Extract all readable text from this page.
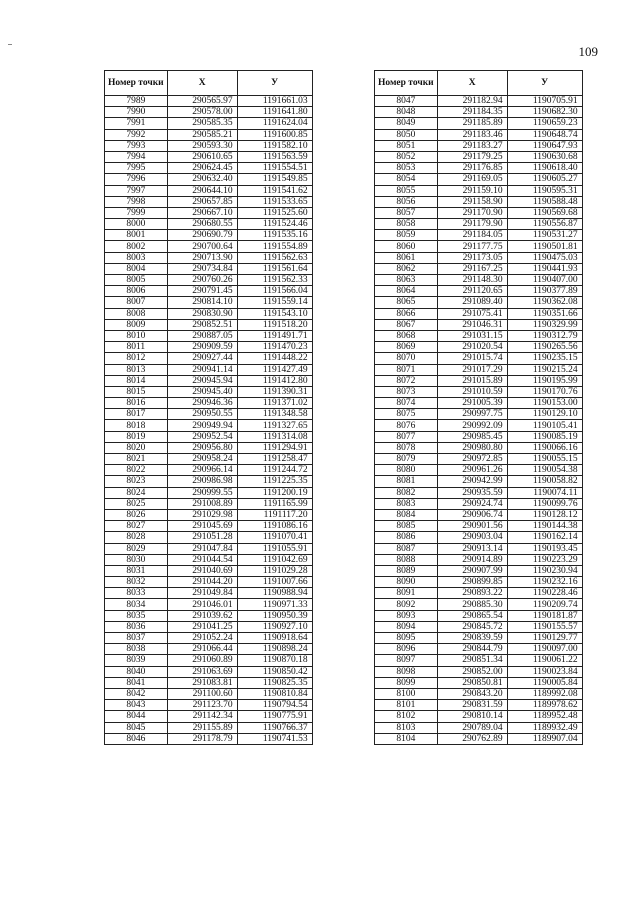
109
Номер точки	X	У
7989	290565.97	1191661.03
7990	290578.00	1191641.80
7991	290585.35	1191624.04
7992	290585.21	1191600.85
7993	290593.30	1191582.10
7994	290610.65	1191563.59
7995	290624.45	1191554.51
7996	290632.40	1191549.85
7997	290644.10	1191541.62
7998	290657.85	1191533.65
7999	290667.10	1191525.60
8000	290680.55	1191524.46
8001	290690.79	1191535.16
8002	290700.64	1191554.89
8003	290713.90	1191562.63
8004	290734.84	1191561.64
8005	290760.26	1191562.33
8006	290791.45	1191566.04
8007	290814.10	1191559.14
8008	290830.90	1191543.10
8009	290852.51	1191518.20
8010	290887.05	1191491.71
8011	290909.59	1191470.23
8012	290927.44	1191448.22
8013	290941.14	1191427.49
8014	290945.94	1191412.80
8015	290945.40	1191390.31
8016	290946.36	1191371.02
8017	290950.55	1191348.58
8018	290949.94	1191327.65
8019	290952.54	1191314.08
8020	290956.80	1191294.91
8021	290958.24	1191258.47
8022	290966.14	1191244.72
8023	290986.98	1191225.35
8024	290999.55	1191200.19
8025	291008.89	1191165.99
8026	291029.98	1191117.20
8027	291045.69	1191086.16
8028	291051.28	1191070.41
8029	291047.84	1191055.91
8030	291044.54	1191042.69
8031	291040.69	1191029.28
8032	291044.20	1191007.66
8033	291049.84	1190988.94
8034	291046.01	1190971.33
8035	291039.62	1190950.39
8036	291041.25	1190927.10
8037	291052.24	1190918.64
8038	291066.44	1190898.24
8039	291060.89	1190870.18
8040	291063.69	1190850.42
8041	291083.81	1190825.35
8042	291100.60	1190810.84
8043	291123.70	1190794.54
8044	291142.34	1190775.91
8045	291155.89	1190766.37
8046	291178.79	1190741.53
Номер точки	X	У
8047	291182.94	1190705.91
8048	291184.35	1190682.30
8049	291185.89	1190659.23
8050	291183.46	1190648.74
8051	291183.27	1190647.93
8052	291179.25	1190630.68
8053	291176.85	1190618.40
8054	291169.05	1190605.27
8055	291159.10	1190595.31
8056	291158.90	1190588.48
8057	291170.90	1190569.68
8058	291179.90	1190556.87
8059	291184.05	1190531.27
8060	291177.75	1190501.81
8061	291173.05	1190475.03
8062	291167.25	1190441.93
8063	291148.30	1190407.00
8064	291120.65	1190377.89
8065	291089.40	1190362.08
8066	291075.41	1190351.66
8067	291046.31	1190329.99
8068	291031.15	1190312.79
8069	291020.54	1190265.56
8070	291015.74	1190235.15
8071	291017.29	1190215.24
8072	291015.89	1190195.99
8073	291010.59	1190170.76
8074	291005.39	1190153.00
8075	290997.75	1190129.10
8076	290992.09	1190105.41
8077	290985.45	1190085.19
8078	290980.80	1190066.16
8079	290972.85	1190055.15
8080	290961.26	1190054.38
8081	290942.99	1190058.82
8082	290935.59	1190074.11
8083	290924.74	1190099.76
8084	290906.74	1190128.12
8085	290901.56	1190144.38
8086	290903.04	1190162.14
8087	290913.14	1190193.45
8088	290914.89	1190223.29
8089	290907.99	1190230.94
8090	290899.85	1190232.16
8091	290893.22	1190228.46
8092	290885.30	1190209.74
8093	290865.54	1190181.87
8094	290845.72	1190155.57
8095	290839.59	1190129.77
8096	290844.79	1190097.00
8097	290851.34	1190061.22
8098	290852.00	1190023.84
8099	290850.81	1190005.84
8100	290843.20	1189992.08
8101	290831.59	1189978.62
8102	290810.14	1189952.48
8103	290789.04	1189932.49
8104	290762.89	1189907.04
